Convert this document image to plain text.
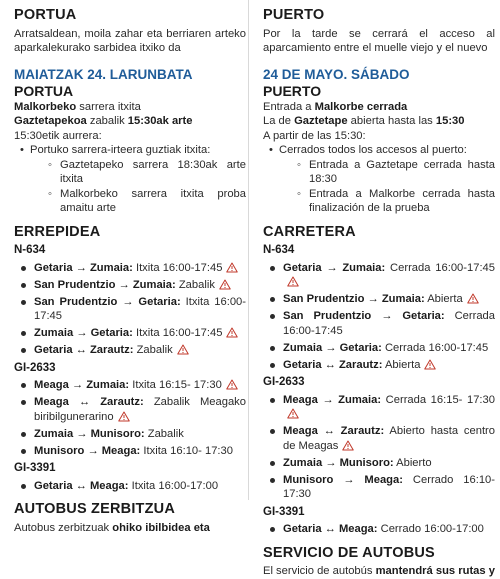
PORTUA

Arratsaldean, moila zahar eta berriaren arteko aparkalekurako sarbidea itxiko da

MAIATZAK 24. LARUNBATA
PORTUA

Malkorbeko sarrera itxita

Gaztetapekoa zabalik 15:30ak arte

15:30etik aurrera:

• Portuko sarrera-irteera guztiak itxita:
◦ Gaztetapeko sarrera 18:30ak arte itxita
◦ Malkorbeko sarrera itxita proba amaitu arte
ERREPIDEA
N-634
Getaria → Zumaia: Itxita 16:00-17:45
San Prudentzio → Zumaia: Zabalik
San Prudentzio → Getaria: Itxita 16:00-17:45
Zumaia → Getaria: Itxita 16:00-17:45
Getaria ↔ Zarautz: Zabalik
GI-2633
Meaga → Zumaia: Itxita 16:15- 17:30
Meaga ↔ Zarautz: Zabalik Meagako biribilgunerarino
Zumaia → Munisoro: Zabalik
Munisoro → Meaga: Itxita 16:10- 17:30
GI-3391
Getaria ↔ Meaga: Itxita 16:00-17:00
AUTOBUS ZERBITZUA

Autobus zerbitzuak ohiko ibilbidea eta

PUERTO

Por la tarde se cerrará el acceso al aparcamiento entre el muelle viejo y el nuevo

24 DE MAYO. SÁBADO
PUERTO

Entrada a Malkorbe cerrada

La de Gaztetape abierta hasta las 15:30

A partir de las 15:30:

• Cerrados todos los accesos al puerto:
◦ Entrada a Gaztetape cerrada hasta 18:30
◦ Entrada a Malkorbe cerrada hasta finalización de la prueba
CARRETERA
N-634
Getaria → Zumaia: Cerrada 16:00-17:45
San Prudentzio → Zumaia: Abierta
San Prudentzio → Getaria: Cerrada 16:00-17:45
Zumaia → Getaria: Cerrada 16:00-17:45
Getaria ↔ Zarautz: Abierta
GI-2633
Meaga → Zumaia: Cerrada 16:15- 17:30
Meaga ↔ Zarautz: Abierto hasta centro de Meagas
Zumaia → Munisoro: Abierto
Munisoro → Meaga: Cerrado 16:10- 17:30
GI-3391
Getaria ↔ Meaga: Cerrado 16:00-17:00
SERVICIO DE AUTOBUS

El servicio de autobús mantendrá sus rutas y
